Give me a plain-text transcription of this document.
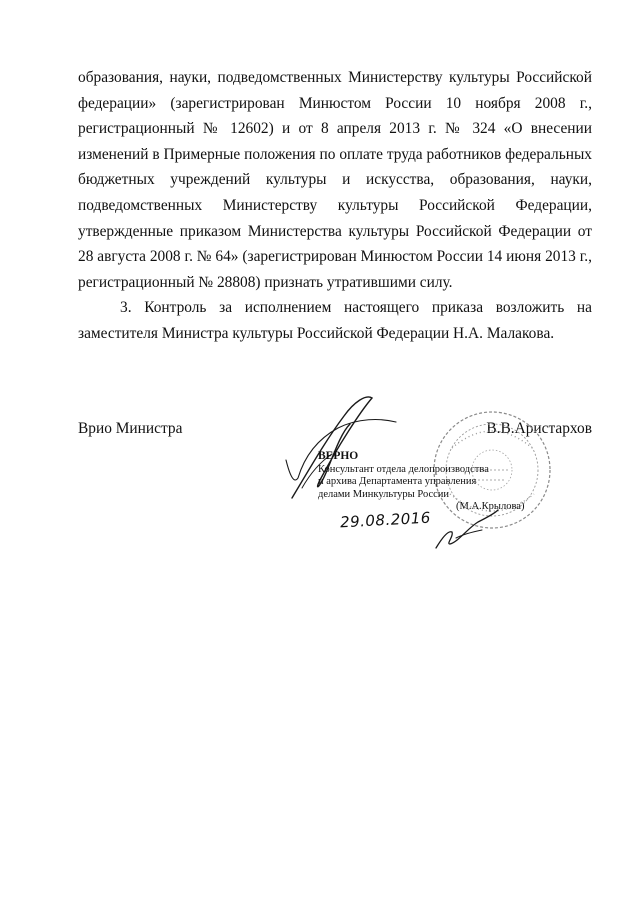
образования, науки, подведомственных Министерству культуры Российской федерации» (зарегистрирован Минюстом России 10 ноября 2008 г., регистрационный № 12602) и от 8 апреля 2013 г. № 324 «О внесении изменений в Примерные положения по оплате труда работников федеральных бюджетных учреждений культуры и искусства, образования, науки, подведомственных Министерству культуры Российской Федерации, утвержденные приказом Министерства культуры Российской Федерации от 28 августа 2008 г. № 64» (зарегистрирован Минюстом России 14 июня 2013 г., регистрационный № 28808) признать утратившими силу.

3. Контроль за исполнением настоящего приказа возложить на заместителя Министра культуры Российской Федерации Н.А. Малакова.

Врио Министра	В.В.Аристархов
ВЕРНО
Консультант отдела делопроизводства
и архива Департамента управления
делами Минкультуры России

(М.А.Крылова)
29.08.2016
